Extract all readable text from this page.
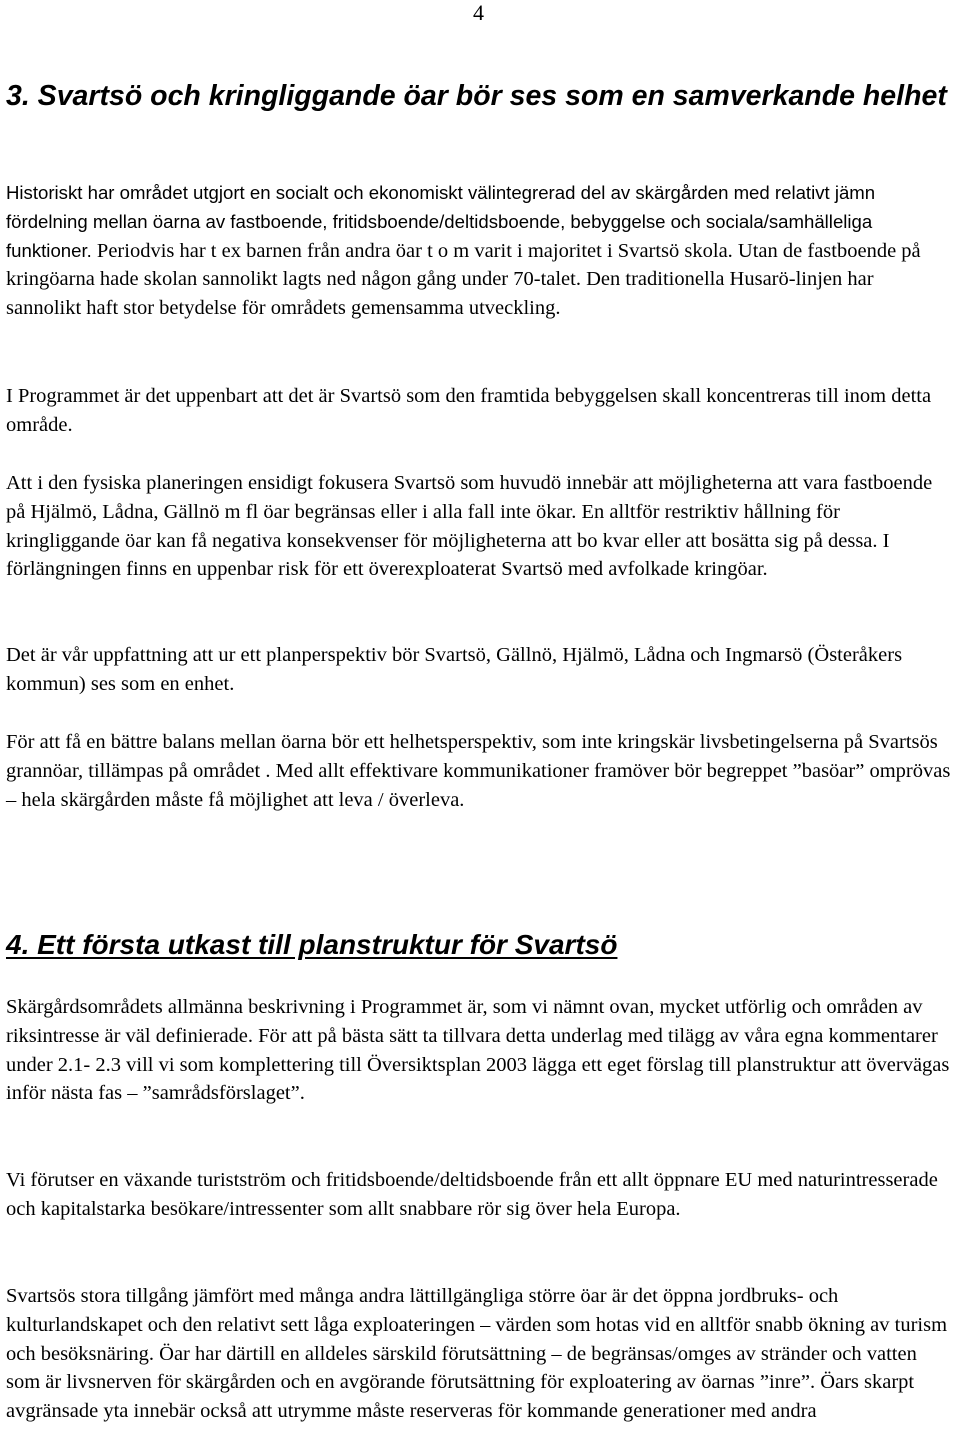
4
3. Svartsö och kringliggande öar bör ses som en samverkande helhet

Historiskt har området utgjort en socialt och ekonomiskt välintegrerad del av skärgården med relativt jämn fördelning mellan öarna av fastboende, fritidsboende/deltidsboende, bebyggelse och sociala/samhälleliga funktioner. Periodvis har t ex barnen från andra öar t o m varit i majoritet i Svartsö skola. Utan de fastboende på kringöarna hade skolan sannolikt lagts ned någon gång under 70-talet. Den traditionella Husarö-linjen har sannolikt haft stor betydelse för områdets gemensamma utveckling.

I Programmet är det uppenbart att det är Svartsö som den framtida bebyggelsen skall koncentreras till inom detta område.

Att i den fysiska planeringen ensidigt fokusera Svartsö som huvudö innebär att möjligheterna att vara fastboende på Hjälmö, Lådna, Gällnö m fl öar begränsas eller i alla fall inte ökar. En alltför restriktiv hållning för kringliggande öar kan få negativa konsekvenser för möjligheterna att bo kvar eller att bosätta sig på dessa. I förlängningen finns en uppenbar risk för ett överexploaterat Svartsö med avfolkade kringöar.

Det är vår uppfattning att ur ett planperspektiv bör Svartsö, Gällnö, Hjälmö, Lådna och Ingmarsö (Österåkers kommun) ses som en enhet.

För att få en bättre balans mellan öarna bör ett helhetsperspektiv, som inte kringskär livsbetingelserna på Svartsös grannöar, tillämpas på området . Med allt effektivare kommunikationer framöver bör begreppet ”basöar” omprövas – hela skärgården måste få möjlighet att leva / överleva.

4. Ett första utkast till planstruktur för Svartsö

Skärgårdsområdets allmänna beskrivning i Programmet är, som vi nämnt ovan, mycket utförlig och områden av riksintresse är väl definierade. För att på bästa sätt ta tillvara detta underlag med tilägg av våra egna kommentarer under 2.1- 2.3 vill vi som komplettering till Översiktsplan 2003 lägga ett eget förslag till planstruktur att övervägas inför nästa fas – ”samrådsförslaget”.

Vi förutser en växande turistström och fritidsboende/deltidsboende från ett allt öppnare EU med naturintresserade och kapitalstarka besökare/intressenter som allt snabbare rör sig över hela Europa.

Svartsös stora tillgång jämfört med många andra lättillgängliga större öar är det öppna jordbruks- och kulturlandskapet och den relativt sett låga exploateringen – värden som hotas vid en alltför snabb ökning av turism och besöksnäring. Öar har därtill en alldeles särskild förutsättning – de begränsas/omges av stränder och vatten som är livsnerven för skärgården och en avgörande förutsättning för exploatering av öarnas ”inre”. Öars skarpt avgränsade yta innebär också att utrymme måste reserveras för kommande generationer med andra
